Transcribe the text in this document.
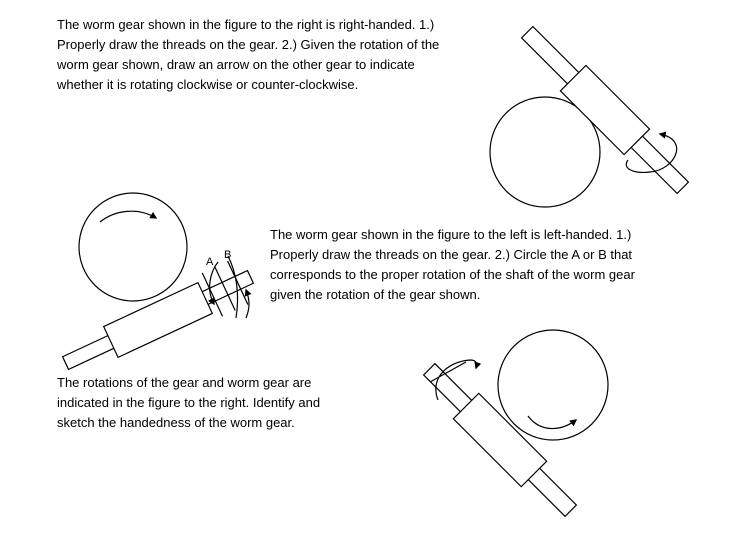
The worm gear shown in the figure to the right is right-handed. 1.)
Properly draw the threads on the gear. 2.) Given the rotation of the
worm gear shown, draw an arrow on the other gear to indicate
whether it is rotating clockwise or counter-clockwise.
The worm gear shown in the figure to the left is left-handed. 1.)
Properly draw the threads on the gear. 2.) Circle the A or B that
corresponds to the proper rotation of the shaft of the worm gear
given the rotation of the gear shown.
The rotations of the gear and worm gear are
indicated in the figure to the right. Identify and
sketch the handedness of the worm gear.
A
B
